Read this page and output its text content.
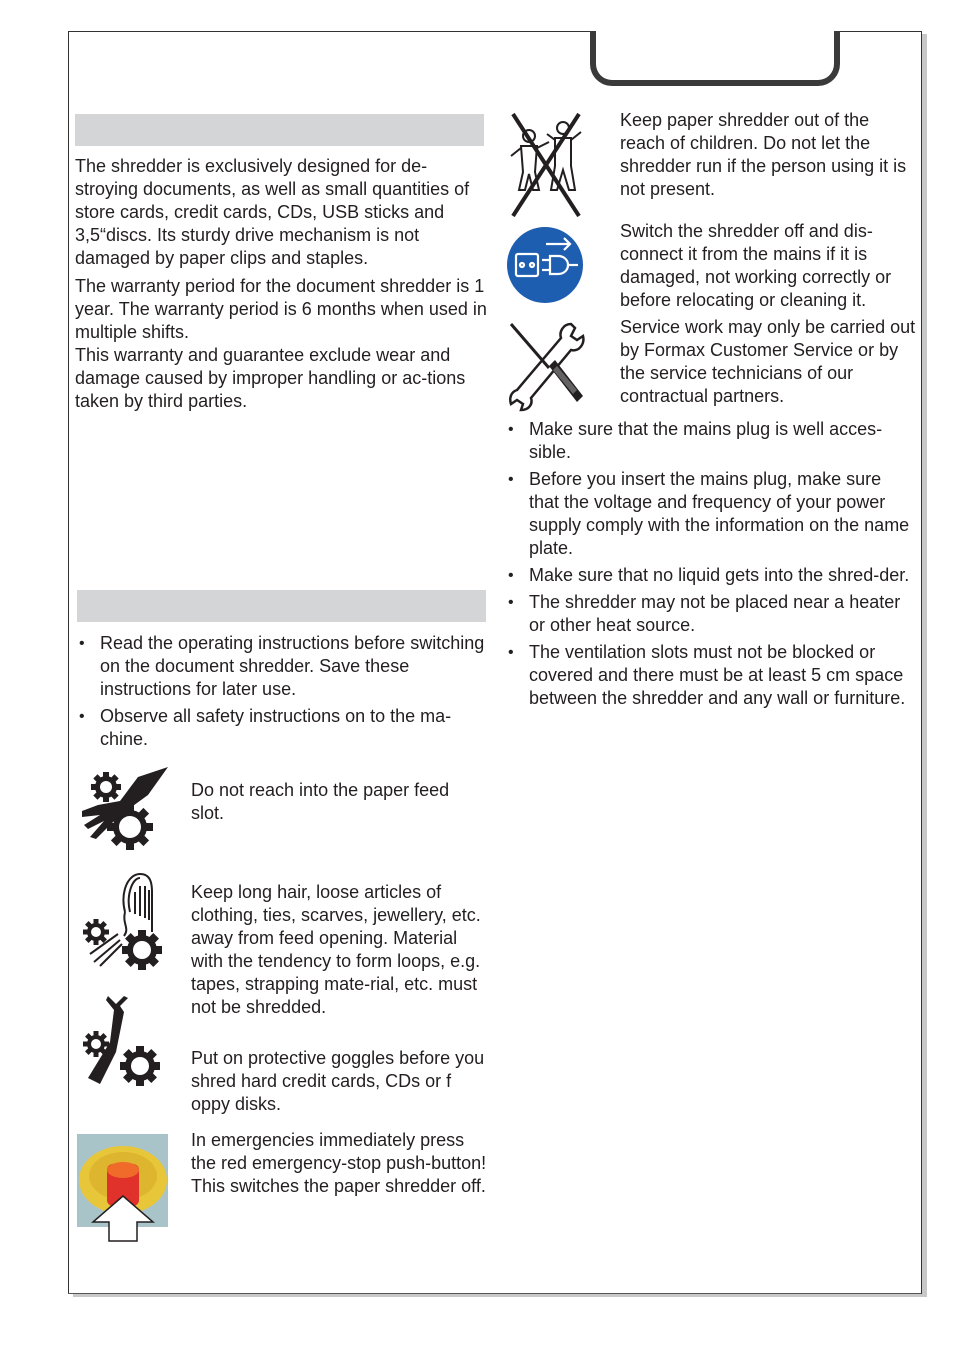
The shredder is exclusively designed for de-stroying documents, as well as small quantities of store cards, credit cards, CDs, USB sticks and 3,5“discs. Its sturdy drive mechanism is not damaged by paper clips and staples.

The warranty period for the document shredder is 1 year. The warranty period is 6 months when used in multiple shifts.
This warranty and guarantee exclude wear and damage caused by improper handling or ac-tions taken by third parties.

• Read the operating instructions before switching on the document shredder. Save these instructions for later use.
• Observe all safety instructions on to the ma-chine.
Do not reach into the paper feed slot.
Keep long hair, loose articles of clothing, ties, scarves, jewellery, etc. away from feed opening. Material with the tendency to form loops, e.g. tapes, strapping mate-rial, etc. must not be shredded.
Put on protective goggles before you shred hard credit cards, CDs or f oppy disks.
In emergencies immediately press the red emergency-stop push-button! This switches the paper shredder off.
Keep paper shredder out of the reach of children. Do not let the shredder run if the person using it is not present.
Switch the shredder off and dis-connect it from the mains if it is damaged, not working correctly or before relocating or cleaning it.
Service work may only be carried out by Formax Customer Service or by the service technicians of our contractual partners.
• Make sure that the mains plug is well acces-sible.
• Before you insert the mains plug, make sure that the voltage and frequency of your power supply comply with the information on the name plate.
• Make sure that no liquid gets into the shred-der.
• The shredder may not be placed near a heater or other heat source.
• The ventilation slots must not be blocked or covered and there must be at least 5 cm space between the shredder and any wall or furniture.
